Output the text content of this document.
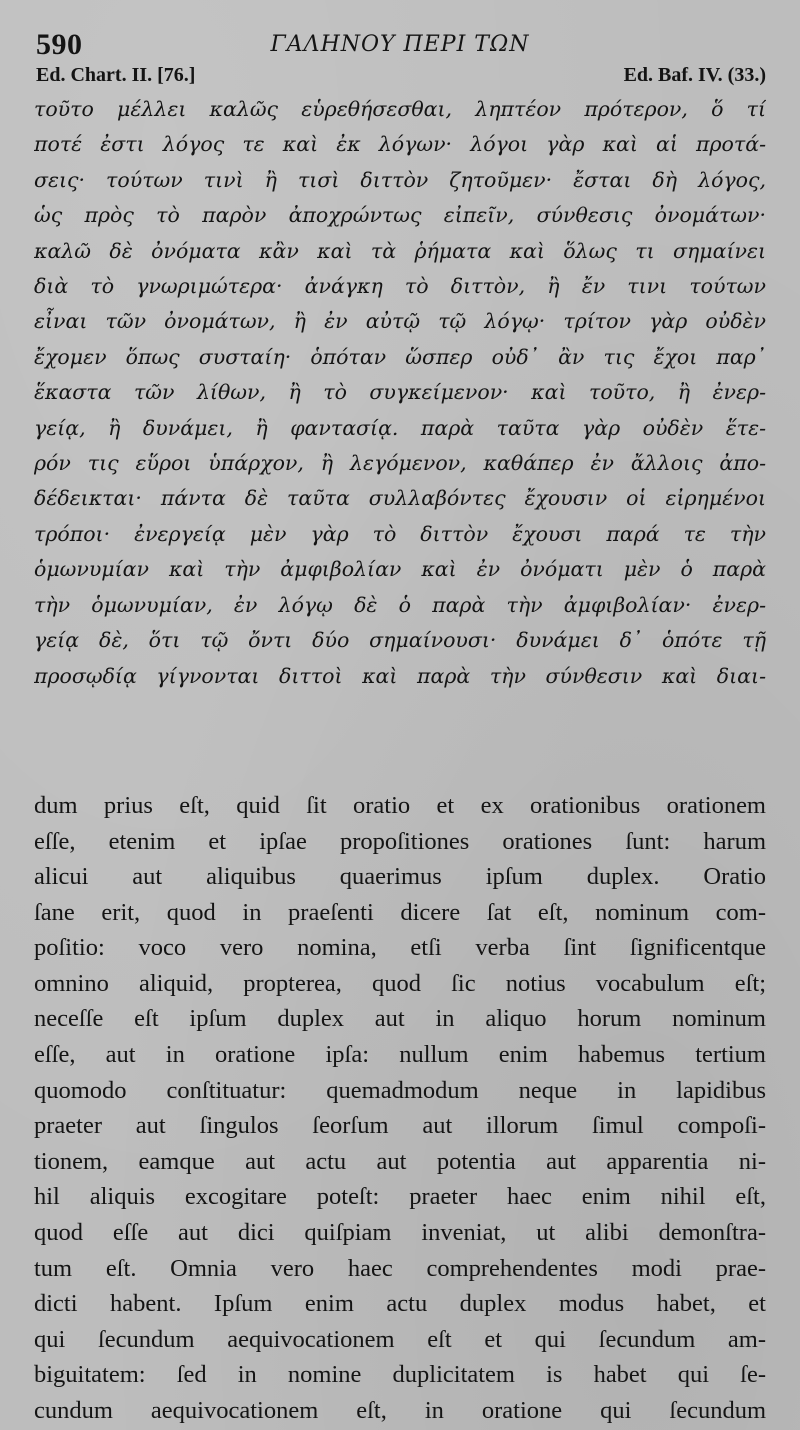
590	ΓΑΛΗΝΟΥ ΠΕΡΙ ΤΩΝ
Ed. Chart. II. [76.]	Ed. Baf. IV. (33.)
τοῦτο μέλλει καλῶς εὑρεθήσεσθαι, ληπτέον πρότερον, ὅ τί
ποτέ ἐστι λόγος τε καὶ ἐκ λόγων· λόγοι γὰρ καὶ αἱ προτά-
σεις· τούτων τινὶ ἢ τισὶ διττὸν ζητοῦμεν· ἔσται δὴ λόγος,
ὡς πρὸς τὸ παρὸν ἀποχρώντως εἰπεῖν, σύνθεσις ὀνομάτων·
καλῶ δὲ ὀνόματα κἂν καὶ τὰ ῥήματα καὶ ὅλως τι σημαίνει
διὰ τὸ γνωριμώτερα· ἀνάγκη τὸ διττὸν, ἢ ἔν τινι τούτων
εἶναι τῶν ὀνομάτων, ἢ ἐν αὐτῷ τῷ λόγῳ· τρίτον γὰρ οὐδὲν
ἔχομεν ὅπως συσταίη· ὁπόταν ὥσπερ οὐδ᾽ ἂν τις ἔχοι παρ᾽
ἕκαστα τῶν λίθων, ἢ τὸ συγκείμενον· καὶ τοῦτο, ἢ ἐνερ-
γείᾳ, ἢ δυνάμει, ἢ φαντασίᾳ. παρὰ ταῦτα γὰρ οὐδὲν ἕτε-
ρόν τις εὕροι ὑπάρχον, ἢ λεγόμενον, καθάπερ ἐν ἄλλοις ἀπο-
δέδεικται· πάντα δὲ ταῦτα συλλαβόντες ἔχουσιν οἱ εἰρημένοι
τρόποι· ἐνεργείᾳ μὲν γὰρ τὸ διττὸν ἔχουσι παρά τε τὴν
ὁμωνυμίαν καὶ τὴν ἀμφιβολίαν καὶ ἐν ὀνόματι μὲν ὁ παρὰ
τὴν ὁμωνυμίαν, ἐν λόγῳ δὲ ὁ παρὰ τὴν ἀμφιβολίαν· ἐνερ-
γείᾳ δὲ, ὅτι τῷ ὄντι δύο σημαίνουσι· δυνάμει δ᾽ ὁπότε τῇ
προσῳδίᾳ γίγνονται διττοὶ καὶ παρὰ τὴν σύνθεσιν καὶ διαι-
dum prius eſt, quid ſit oratio et ex orationibus orationem
eſſe, etenim et ipſae propoſitiones orationes ſunt: harum
alicui aut aliquibus quaerimus ipſum duplex. Oratio
ſane erit, quod in praeſenti dicere ſat eſt, nominum com-
poſitio: voco vero nomina, etſi verba ſint ſignificentque
omnino aliquid, propterea, quod ſic notius vocabulum eſt;
neceſſe eſt ipſum duplex aut in aliquo horum nominum
eſſe, aut in oratione ipſa: nullum enim habemus tertium
quomodo conſtituatur: quemadmodum neque in lapidibus
praeter aut ſingulos ſeorſum aut illorum ſimul compoſi-
tionem, eamque aut actu aut potentia aut apparentia ni-
hil aliquis excogitare poteſt: praeter haec enim nihil eſt,
quod eſſe aut dici quiſpiam inveniat, ut alibi demonſtra-
tum eſt. Omnia vero haec comprehendentes modi prae-
dicti habent. Ipſum enim actu duplex modus habet, et
qui ſecundum aequivocationem eſt et qui ſecundum am-
biguitatem: ſed in nomine duplicitatem is habet qui ſe-
cundum aequivocationem eſt, in oratione qui ſecundum
